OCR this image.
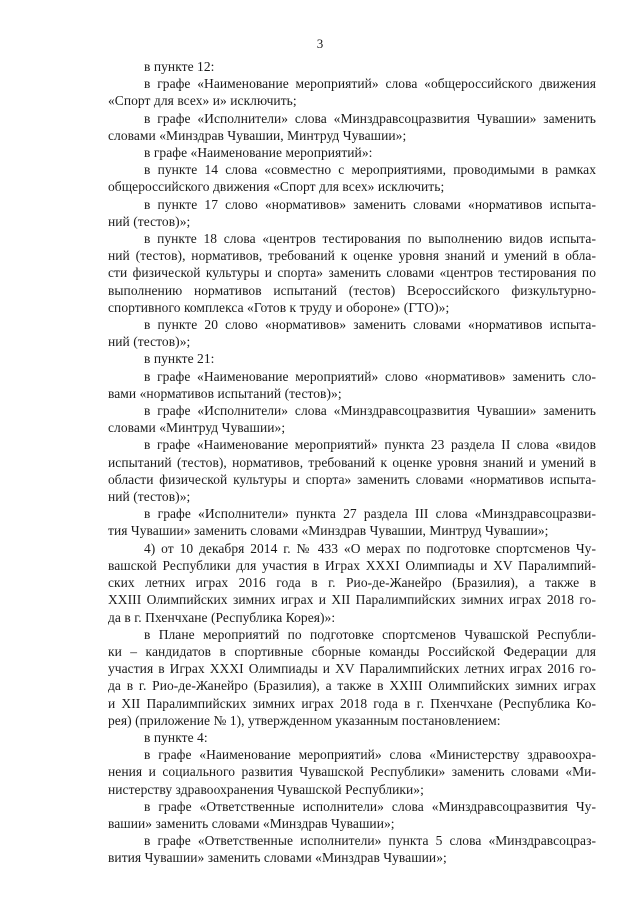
3
в пункте 12:
в графе «Наименование мероприятий» слова «общероссийского движения
«Спорт для всех» и» исключить;
в графе «Исполнители» слова «Минздравсоцразвития Чувашии» заменить
словами «Минздрав Чувашии, Минтруд Чувашии»;
в графе «Наименование мероприятий»:
в пункте 14 слова «совместно с мероприятиями, проводимыми в рамках
общероссийского движения «Спорт для всех» исключить;
в пункте 17 слово «нормативов» заменить словами «нормативов испыта-
ний (тестов)»;
в пункте 18 слова «центров тестирования по выполнению видов испыта-
ний (тестов), нормативов, требований к оценке уровня знаний и умений в обла-
сти физической культуры и спорта» заменить словами «центров тестирования по
выполнению нормативов испытаний (тестов) Всероссийского физкультурно-
спортивного комплекса «Готов к труду и обороне» (ГТО)»;
в пункте 20 слово «нормативов» заменить словами «нормативов испыта-
ний (тестов)»;
в пункте 21:
в графе «Наименование мероприятий» слово «нормативов» заменить сло-
вами «нормативов испытаний (тестов)»;
в графе «Исполнители» слова «Минздравсоцразвития Чувашии» заменить
словами «Минтруд Чувашии»;
в графе «Наименование мероприятий» пункта 23 раздела II слова «видов
испытаний (тестов), нормативов, требований к оценке уровня знаний и умений в
области физической культуры и спорта» заменить словами «нормативов испыта-
ний (тестов)»;
в графе «Исполнители» пункта 27 раздела III слова «Минздравсоцразви-
тия Чувашии» заменить словами «Минздрав Чувашии, Минтруд Чувашии»;
4) от 10 декабря 2014 г. № 433 «О мерах по подготовке спортсменов Чу-
вашской Республики для участия в Играх XXXI Олимпиады и XV Паралимпий-
ских летних играх 2016 года в г. Рио-де-Жанейро (Бразилия), а также в
XXIII Олимпийских зимних играх и XII Паралимпийских зимних играх 2018 го-
да в г. Пхенчхане (Республика Корея)»:
в Плане мероприятий по подготовке спортсменов Чувашской Республи-
ки – кандидатов в спортивные сборные команды Российской Федерации для
участия в Играх XXXI Олимпиады и XV Паралимпийских летних играх 2016 го-
да в г. Рио-де-Жанейро (Бразилия), а также в XXIII Олимпийских зимних играх
и XII Паралимпийских зимних играх 2018 года в г. Пхенчхане (Республика Ко-
рея) (приложение № 1), утвержденном указанным постановлением:
в пункте 4:
в графе «Наименование мероприятий» слова «Министерству здравоохра-
нения и социального развития Чувашской Республики» заменить словами «Ми-
нистерству здравоохранения Чувашской Республики»;
в графе «Ответственные исполнители» слова «Минздравсоцразвития Чу-
вашии» заменить словами «Минздрав Чувашии»;
в графе «Ответственные исполнители» пункта 5 слова «Минздравсоцраз-
вития Чувашии» заменить словами «Минздрав Чувашии»;
